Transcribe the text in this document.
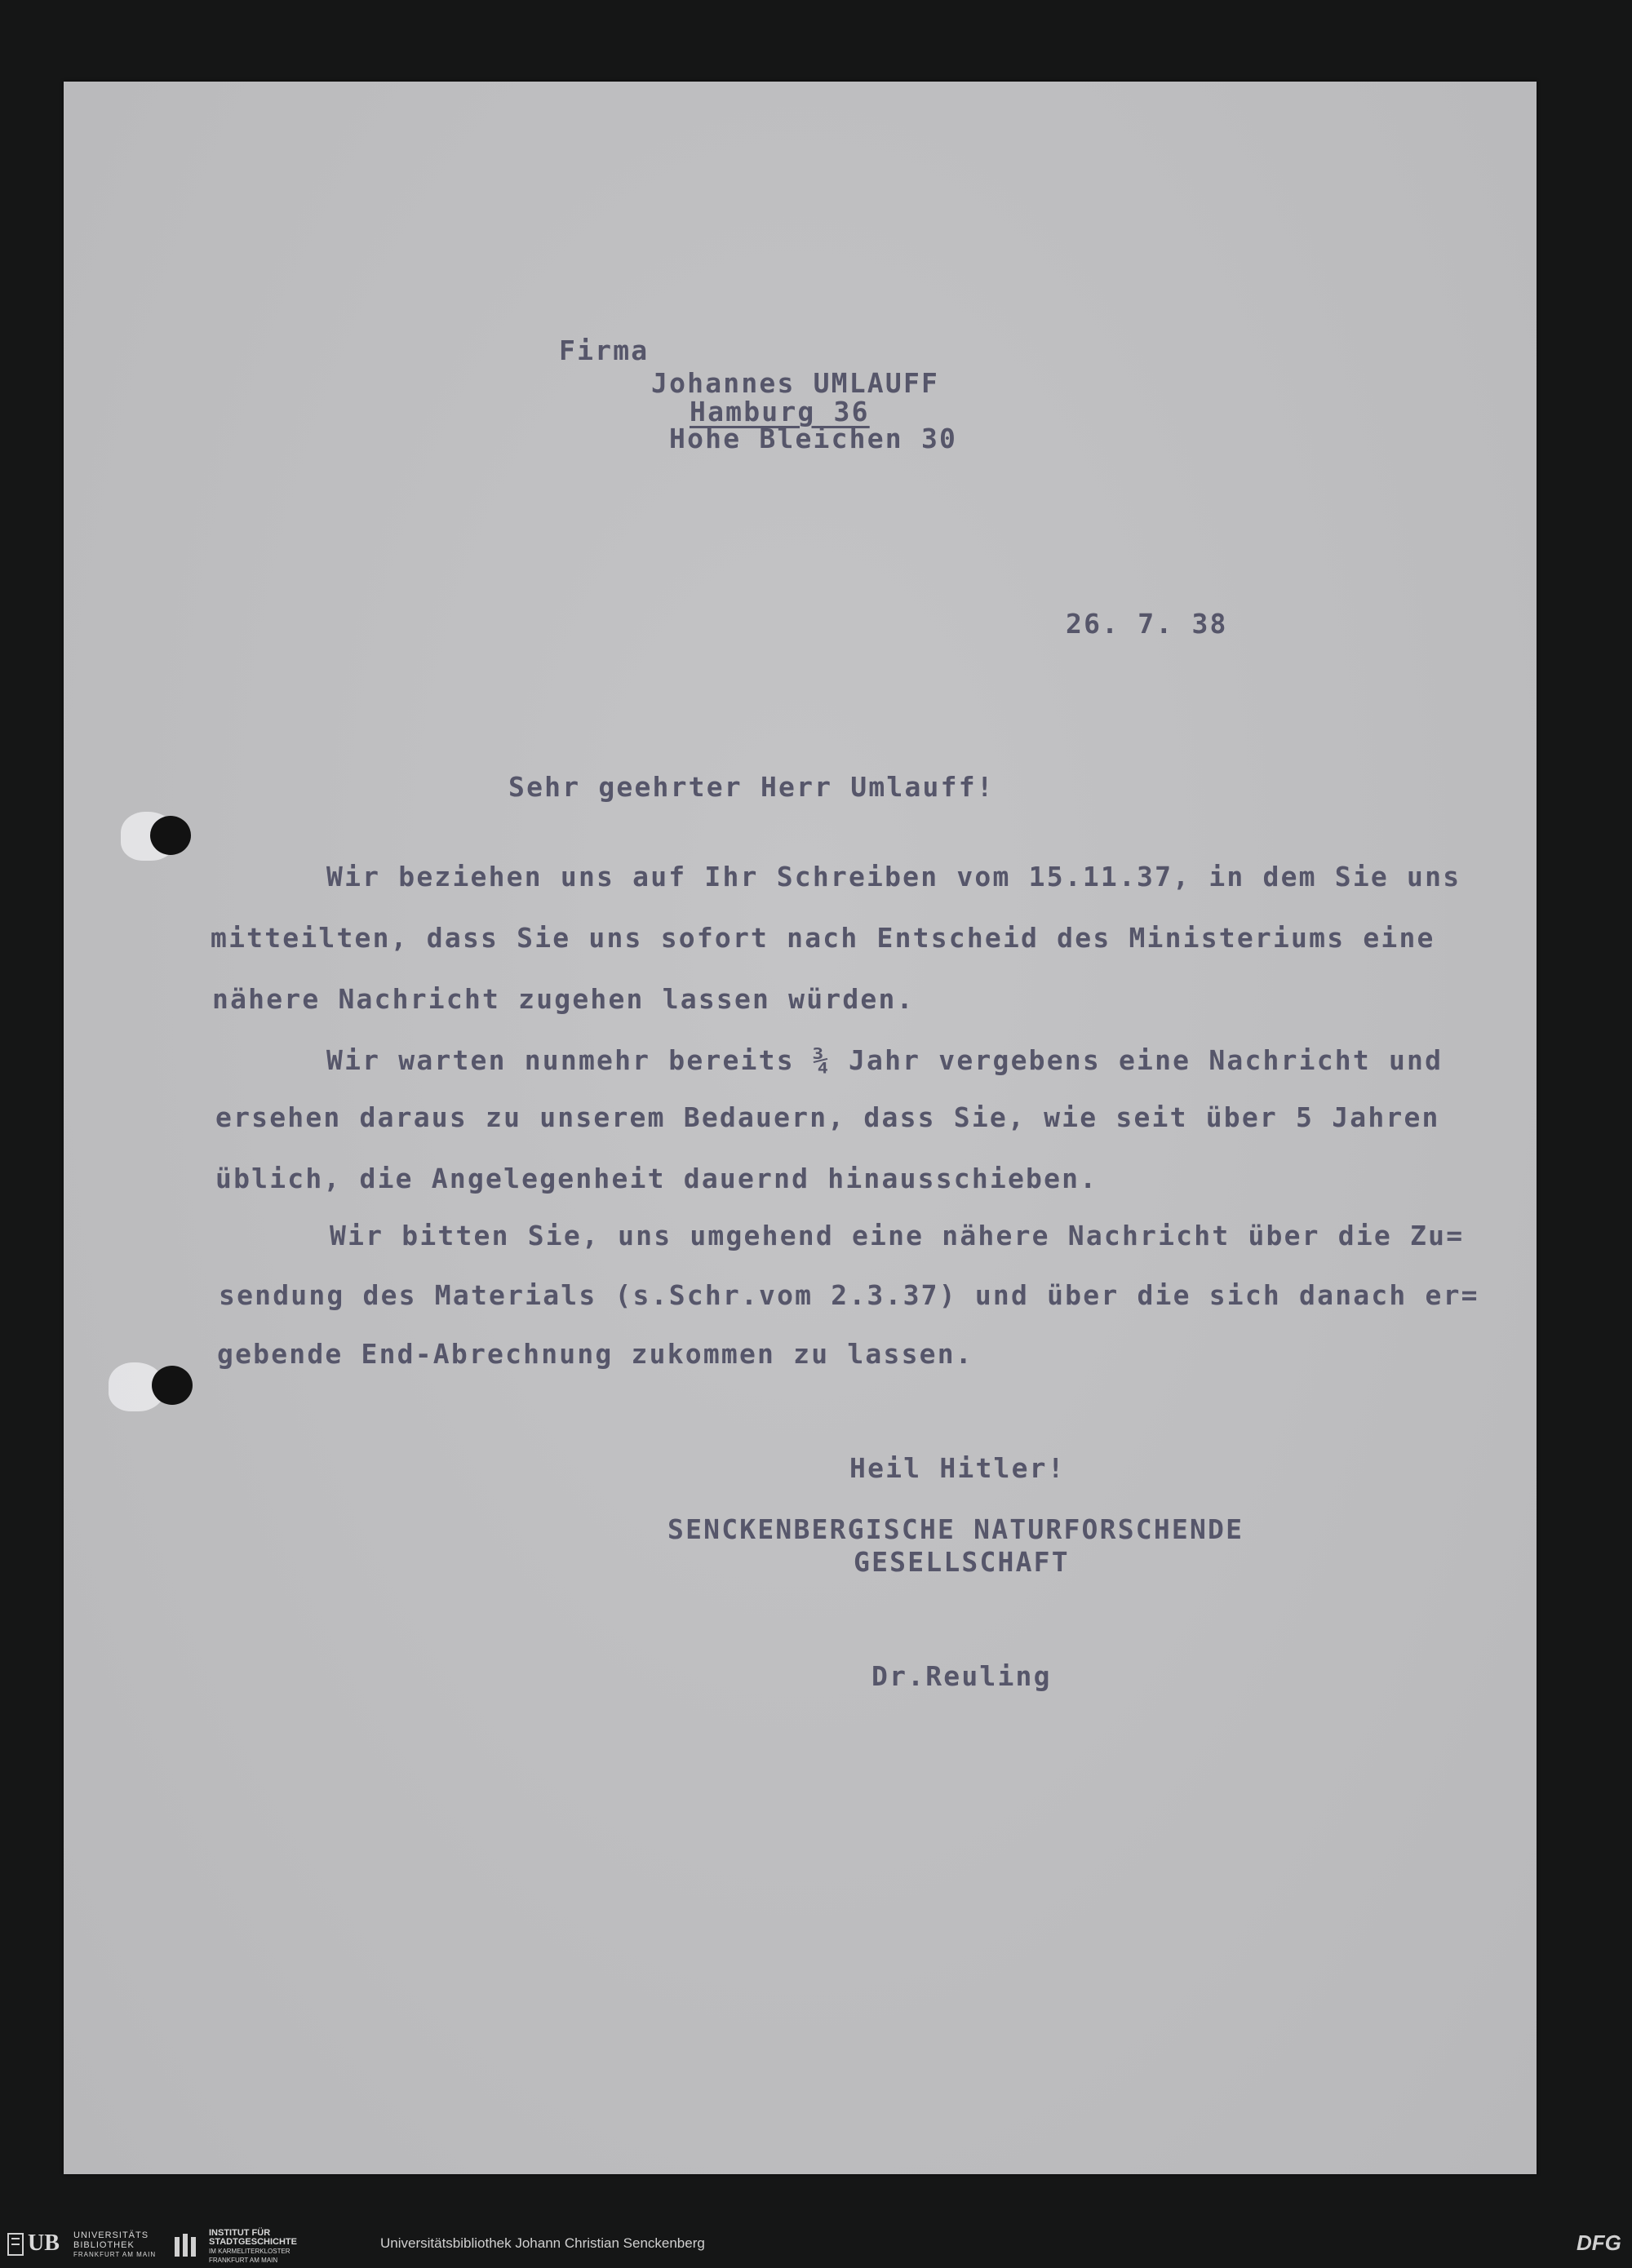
Firma
Johannes UMLAUFF
Hamburg 36
Hohe Bleichen 30
26. 7. 38
Sehr geehrter Herr Umlauff!
Wir beziehen uns auf Ihr Schreiben vom 15.11.37, in dem Sie uns
mitteilten, dass Sie uns sofort nach Entscheid des Ministeriums eine
nähere Nachricht zugehen lassen würden.
Wir warten nunmehr bereits ¾ Jahr vergebens eine Nachricht und
ersehen daraus zu unserem Bedauern, dass Sie, wie seit über 5 Jahren
üblich, die Angelegenheit dauernd hinausschieben.
Wir bitten Sie, uns umgehend eine nähere Nachricht über die Zu=
sendung des Materials (s.Schr.vom 2.3.37) und über die sich danach er=
gebende End-Abrechnung zukommen zu lassen.
Heil Hitler!
SENCKENBERGISCHE NATURFORSCHENDE
GESELLSCHAFT
Dr.Reuling
UB UNIVERSITÄTS
BIBLIOTHEK
FRANKFURT AM MAIN
INSTITUT FÜR
STADTGESCHICHTE
IM KARMELITERKLOSTER
FRANKFURT AM MAIN
Universitätsbibliothek Johann Christian Senckenberg	DFG
